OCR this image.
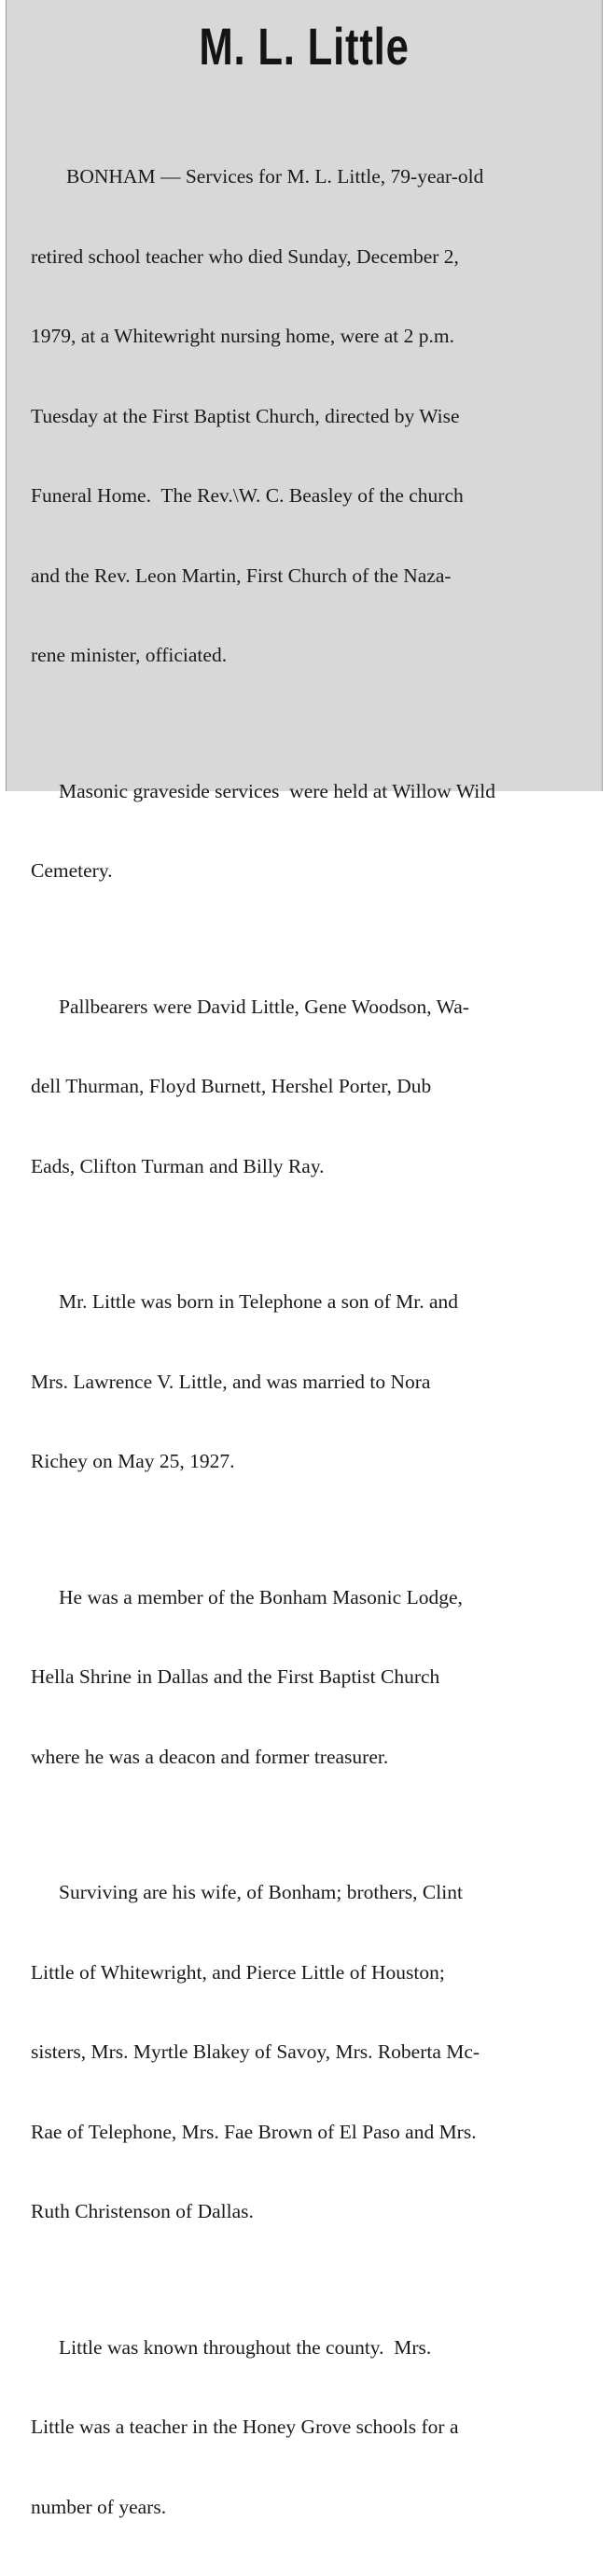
M. L. Little

BONHAM — Services for M. L. Little, 79-year-old

retired school teacher who died Sunday, December 2,

1979, at a Whitewright nursing home, were at 2 p.m.

Tuesday at the First Baptist Church, directed by Wise

Funeral Home.  The Rev.\W. C. Beasley of the church

and the Rev. Leon Martin, First Church of the Naza-

rene minister, officiated.

Masonic graveside services  were held at Willow Wild

Cemetery.

Pallbearers were David Little, Gene Woodson, Wa-

dell Thurman, Floyd Burnett, Hershel Porter, Dub

Eads, Clifton Turman and Billy Ray.

Mr. Little was born in Telephone a son of Mr. and

Mrs. Lawrence V. Little, and was married to Nora

Richey on May 25, 1927.

He was a member of the Bonham Masonic Lodge,

Hella Shrine in Dallas and the First Baptist Church

where he was a deacon and former treasurer.

Surviving are his wife, of Bonham; brothers, Clint

Little of Whitewright, and Pierce Little of Houston;

sisters, Mrs. Myrtle Blakey of Savoy, Mrs. Roberta Mc-

Rae of Telephone, Mrs. Fae Brown of El Paso and Mrs.

Ruth Christenson of Dallas.

Little was known throughout the county.  Mrs.

Little was a teacher in the Honey Grove schools for a

number of years.
